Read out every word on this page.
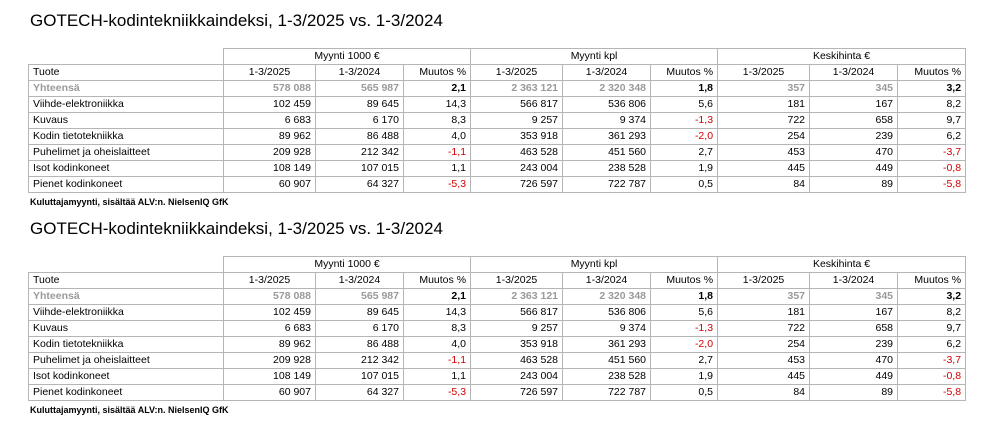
GOTECH-kodintekniikkaindeksi, 1-3/2025 vs. 1-3/2024
	Myynti 1000 €			Myynti kpl			Keskihinta €		
Tuote	1-3/2025	1-3/2024	Muutos %	1-3/2025	1-3/2024	Muutos %	1-3/2025	1-3/2024	Muutos %
Yhteensä	578 088	565 987	2,1	2 363 121	2 320 348	1,8	357	345	3,2
Viihde-elektroniikka	102 459	89 645	14,3	566 817	536 806	5,6	181	167	8,2
Kuvaus	6 683	6 170	8,3	9 257	9 374	-1,3	722	658	9,7
Kodin tietotekniikka	89 962	86 488	4,0	353 918	361 293	-2,0	254	239	6,2
Puhelimet ja oheislaitteet	209 928	212 342	-1,1	463 528	451 560	2,7	453	470	-3,7
Isot kodinkoneet	108 149	107 015	1,1	243 004	238 528	1,9	445	449	-0,8
Pienet kodinkoneet	60 907	64 327	-5,3	726 597	722 787	0,5	84	89	-5,8
Kuluttajamyynti, sisältää ALV:n. NielsenIQ GfK
GOTECH-kodintekniikkaindeksi, 1-3/2025 vs. 1-3/2024
	Myynti 1000 €			Myynti kpl			Keskihinta €		
Tuote	1-3/2025	1-3/2024	Muutos %	1-3/2025	1-3/2024	Muutos %	1-3/2025	1-3/2024	Muutos %
Yhteensä	578 088	565 987	2,1	2 363 121	2 320 348	1,8	357	345	3,2
Viihde-elektroniikka	102 459	89 645	14,3	566 817	536 806	5,6	181	167	8,2
Kuvaus	6 683	6 170	8,3	9 257	9 374	-1,3	722	658	9,7
Kodin tietotekniikka	89 962	86 488	4,0	353 918	361 293	-2,0	254	239	6,2
Puhelimet ja oheislaitteet	209 928	212 342	-1,1	463 528	451 560	2,7	453	470	-3,7
Isot kodinkoneet	108 149	107 015	1,1	243 004	238 528	1,9	445	449	-0,8
Pienet kodinkoneet	60 907	64 327	-5,3	726 597	722 787	0,5	84	89	-5,8
Kuluttajamyynti, sisältää ALV:n. NielsenIQ GfK
